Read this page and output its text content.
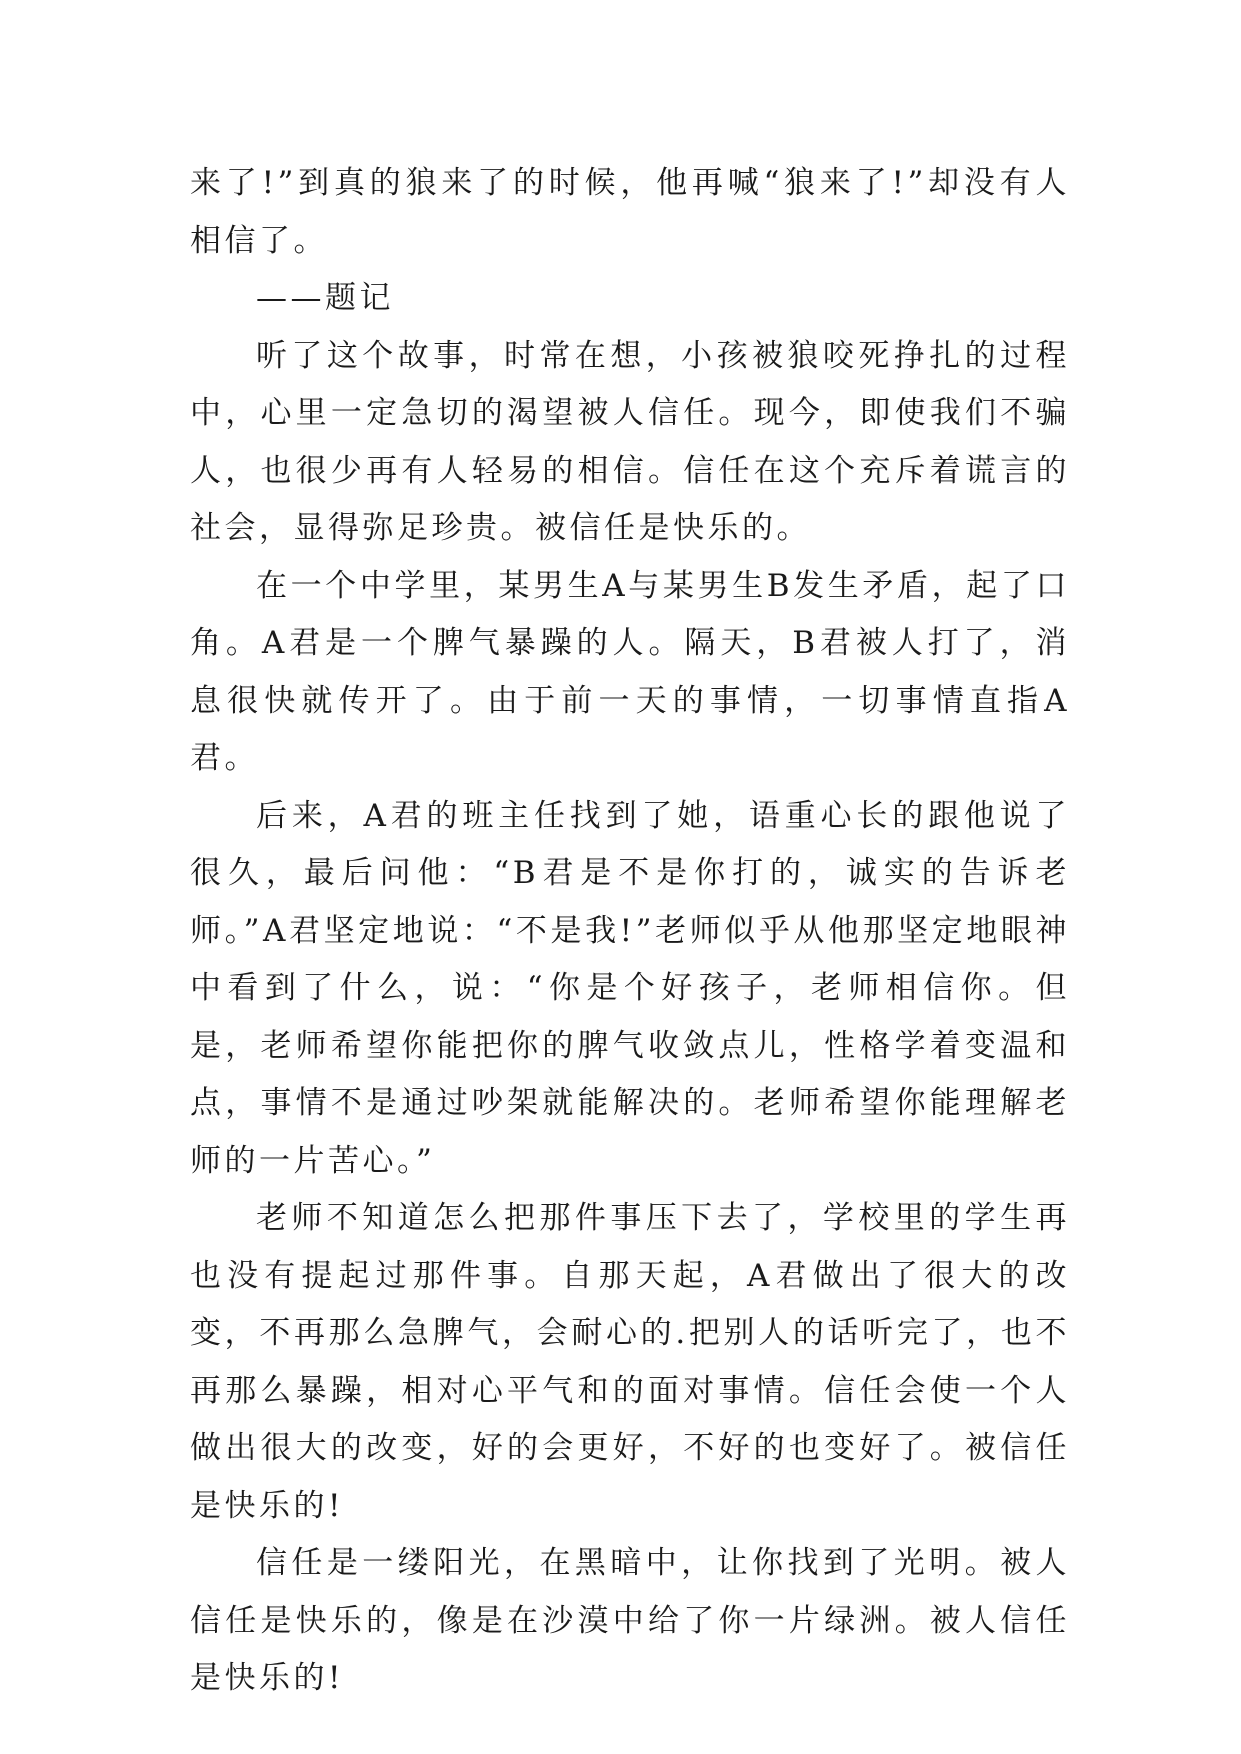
来了!”到真的狼来了的时候，他再喊“狼来了!”却没有人相信了。

——题记

听了这个故事，时常在想，小孩被狼咬死挣扎的过程中，心里一定急切的渴望被人信任。现今，即使我们不骗人，也很少再有人轻易的相信。信任在这个充斥着谎言的社会，显得弥足珍贵。被信任是快乐的。

在一个中学里，某男生A与某男生B发生矛盾，起了口角。A君是一个脾气暴躁的人。隔天，B君被人打了，消息很快就传开了。由于前一天的事情，一切事情直指A君。

后来，A君的班主任找到了她，语重心长的跟他说了很久，最后问他：“B君是不是你打的，诚实的告诉老师。”A君坚定地说：“不是我!”老师似乎从他那坚定地眼神中看到了什么，说：“你是个好孩子，老师相信你。但是，老师希望你能把你的脾气收敛点儿，性格学着变温和点，事情不是通过吵架就能解决的。老师希望你能理解老师的一片苦心。”

老师不知道怎么把那件事压下去了，学校里的学生再也没有提起过那件事。自那天起，A君做出了很大的改变，不再那么急脾气，会耐心的.把别人的话听完了，也不再那么暴躁，相对心平气和的面对事情。信任会使一个人做出很大的改变，好的会更好，不好的也变好了。被信任是快乐的!

信任是一缕阳光，在黑暗中，让你找到了光明。被人信任是快乐的，像是在沙漠中给了你一片绿洲。被人信任是快乐的!
